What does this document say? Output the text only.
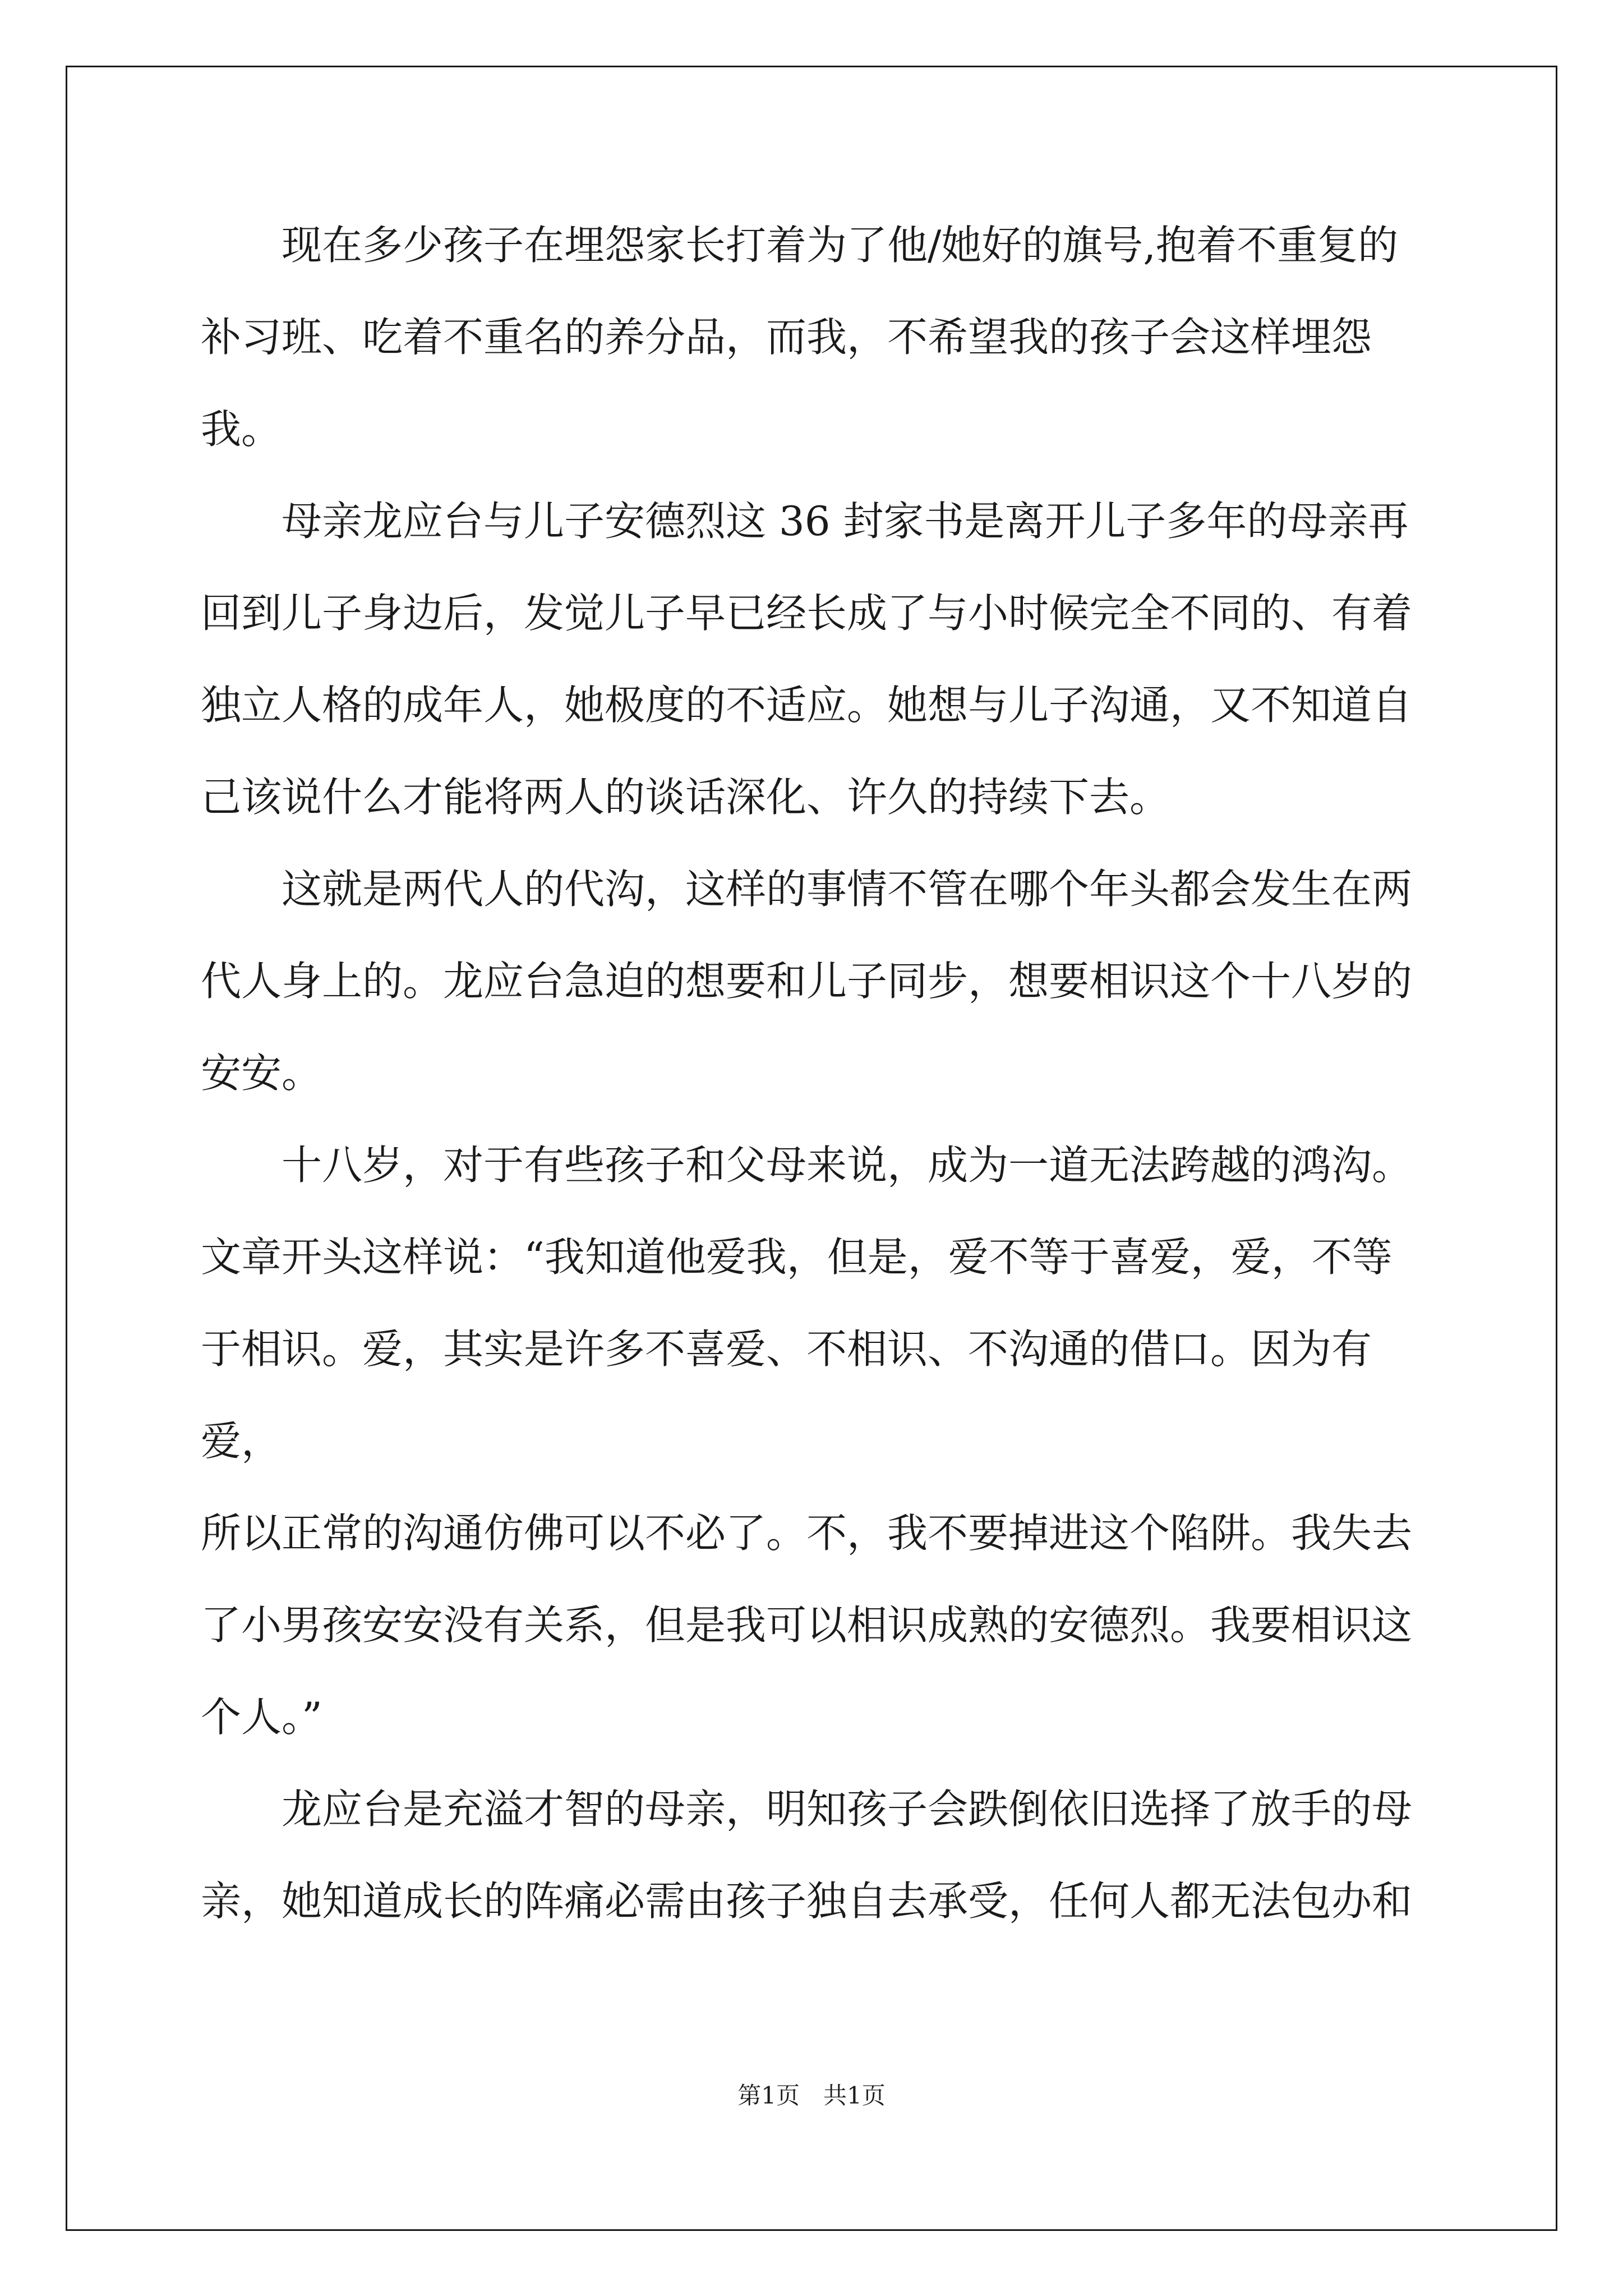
现在多少孩子在埋怨家长打着为了他/她好的旗号,抱着不重复的
补习班、吃着不重名的养分品，而我，不希望我的孩子会这样埋怨我。

母亲龙应台与儿子安德烈这 36 封家书是离开儿子多年的母亲再
回到儿子身边后，发觉儿子早已经长成了与小时候完全不同的、有着
独立人格的成年人，她极度的不适应。她想与儿子沟通，又不知道自
己该说什么才能将两人的谈话深化、许久的持续下去。

这就是两代人的代沟，这样的事情不管在哪个年头都会发生在两
代人身上的。龙应台急迫的想要和儿子同步，想要相识这个十八岁的
安安。

十八岁，对于有些孩子和父母来说，成为一道无法跨越的鸿沟。
文章开头这样说：“我知道他爱我，但是，爱不等于喜爱，爱，不等
于相识。爱，其实是许多不喜爱、不相识、不沟通的借口。因为有爱，
所以正常的沟通仿佛可以不必了。不，我不要掉进这个陷阱。我失去
了小男孩安安没有关系，但是我可以相识成熟的安德烈。我要相识这
个人。”

龙应台是充溢才智的母亲，明知孩子会跌倒依旧选择了放手的母
亲，她知道成长的阵痛必需由孩子独自去承受，任何人都无法包办和

第1页　共1页
